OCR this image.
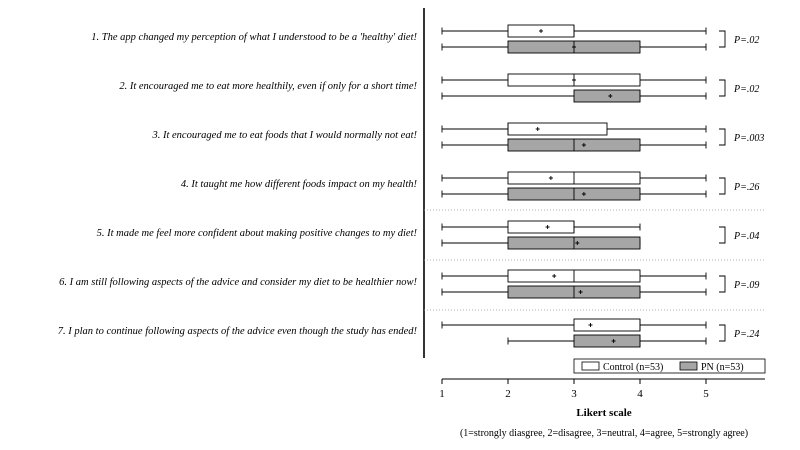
1. The app changed my perception of what I understood to be a 'healthy' diet!	P=.02
2. It encouraged me to eat more healthily, even if only for a short time!	P=.02
3. It encouraged me to eat foods that I would normally not eat!	P=.003
4. It taught me how different foods impact on my health!	P=.26
5. It made me feel more confident about making positive changes to my diet!	P=.04
6. I am still following aspects of the advice and consider my diet to be healthier now!	P=.09
7. I plan to continue following aspects of the advice even though the study has ended!	P=.24
Control (n=53)	PN (n=53)
1	2	3	4	5
Likert scale
(1=strongly diasgree, 2=disagree, 3=neutral, 4=agree, 5=strongly agree)
